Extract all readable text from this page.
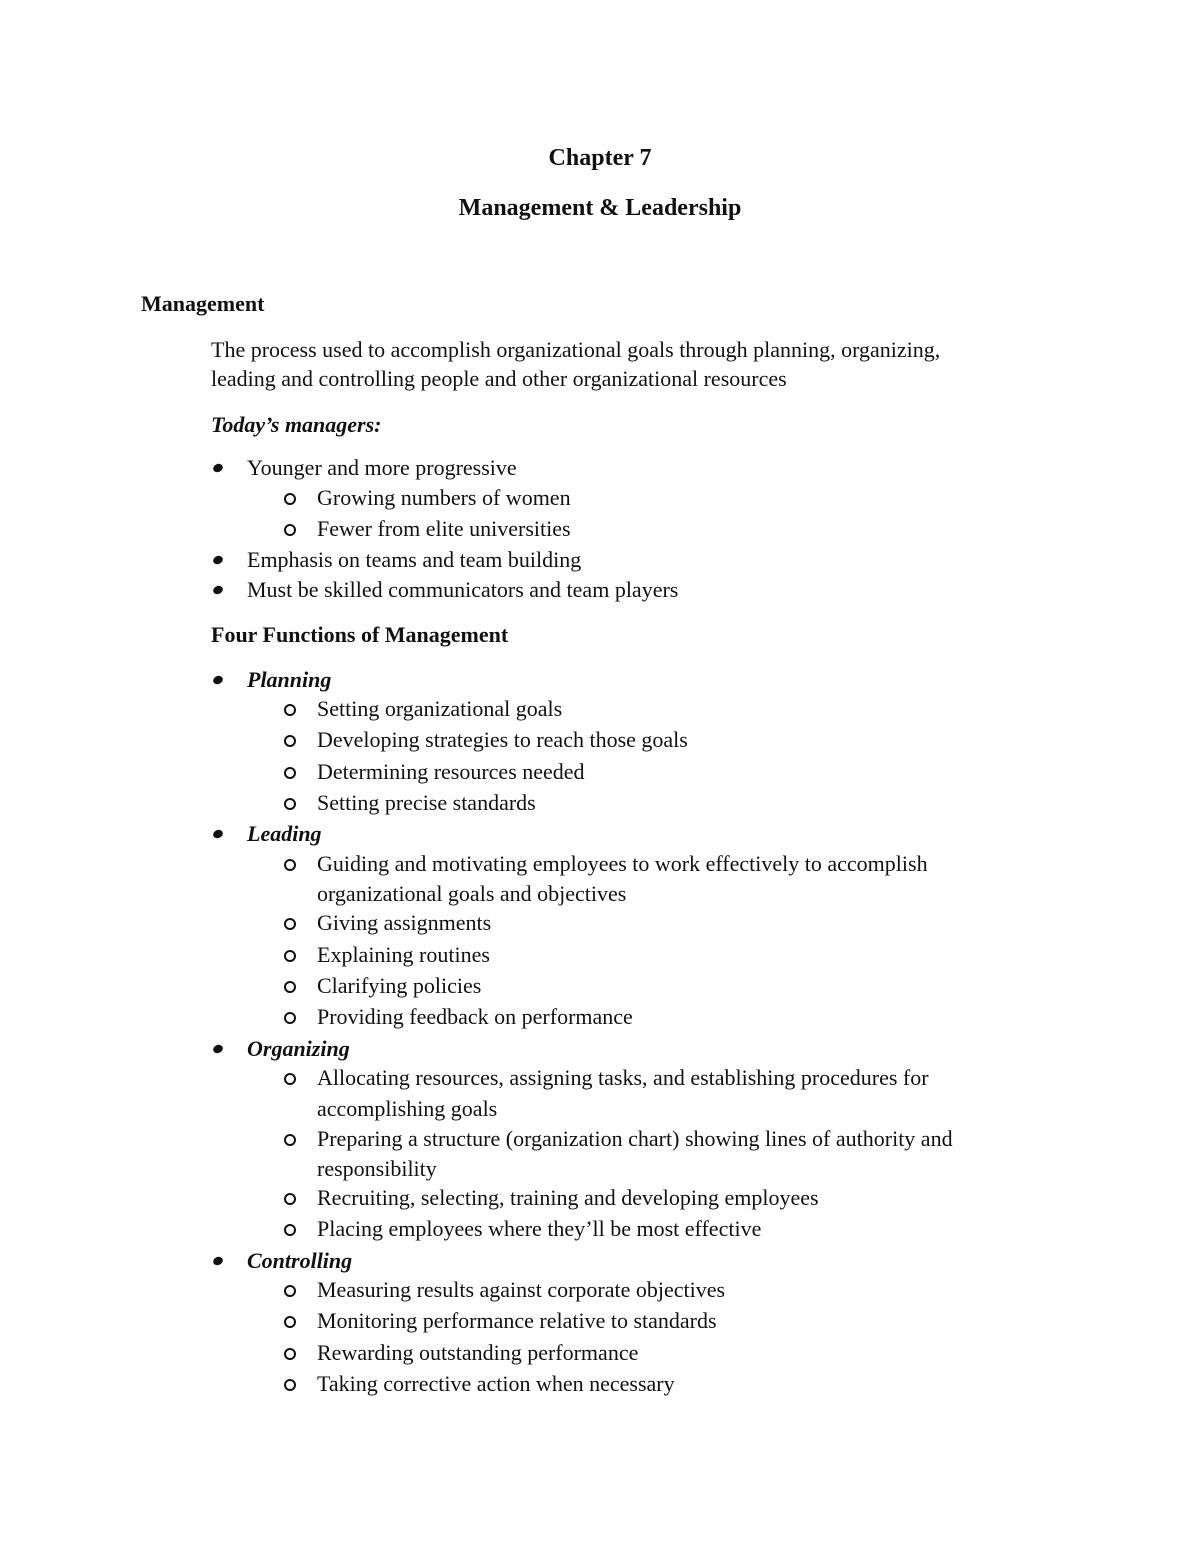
Chapter 7
Management & Leadership
Management
The process used to accomplish organizational goals through planning, organizing,
leading and controlling people and other organizational resources
Today’s managers:
Younger and more progressive
Growing numbers of women
Fewer from elite universities
Emphasis on teams and team building
Must be skilled communicators and team players
Four Functions of Management
Planning
Setting organizational goals
Developing strategies to reach those goals
Determining resources needed
Setting precise standards
Leading
Guiding and motivating employees to work effectively to accomplish
organizational goals and objectives
Giving assignments
Explaining routines
Clarifying policies
Providing feedback on performance
Organizing
Allocating resources, assigning tasks, and establishing procedures for
accomplishing goals
Preparing a structure (organization chart) showing lines of authority and
responsibility
Recruiting, selecting, training and developing employees
Placing employees where they’ll be most effective
Controlling
Measuring results against corporate objectives
Monitoring performance relative to standards
Rewarding outstanding performance
Taking corrective action when necessary
